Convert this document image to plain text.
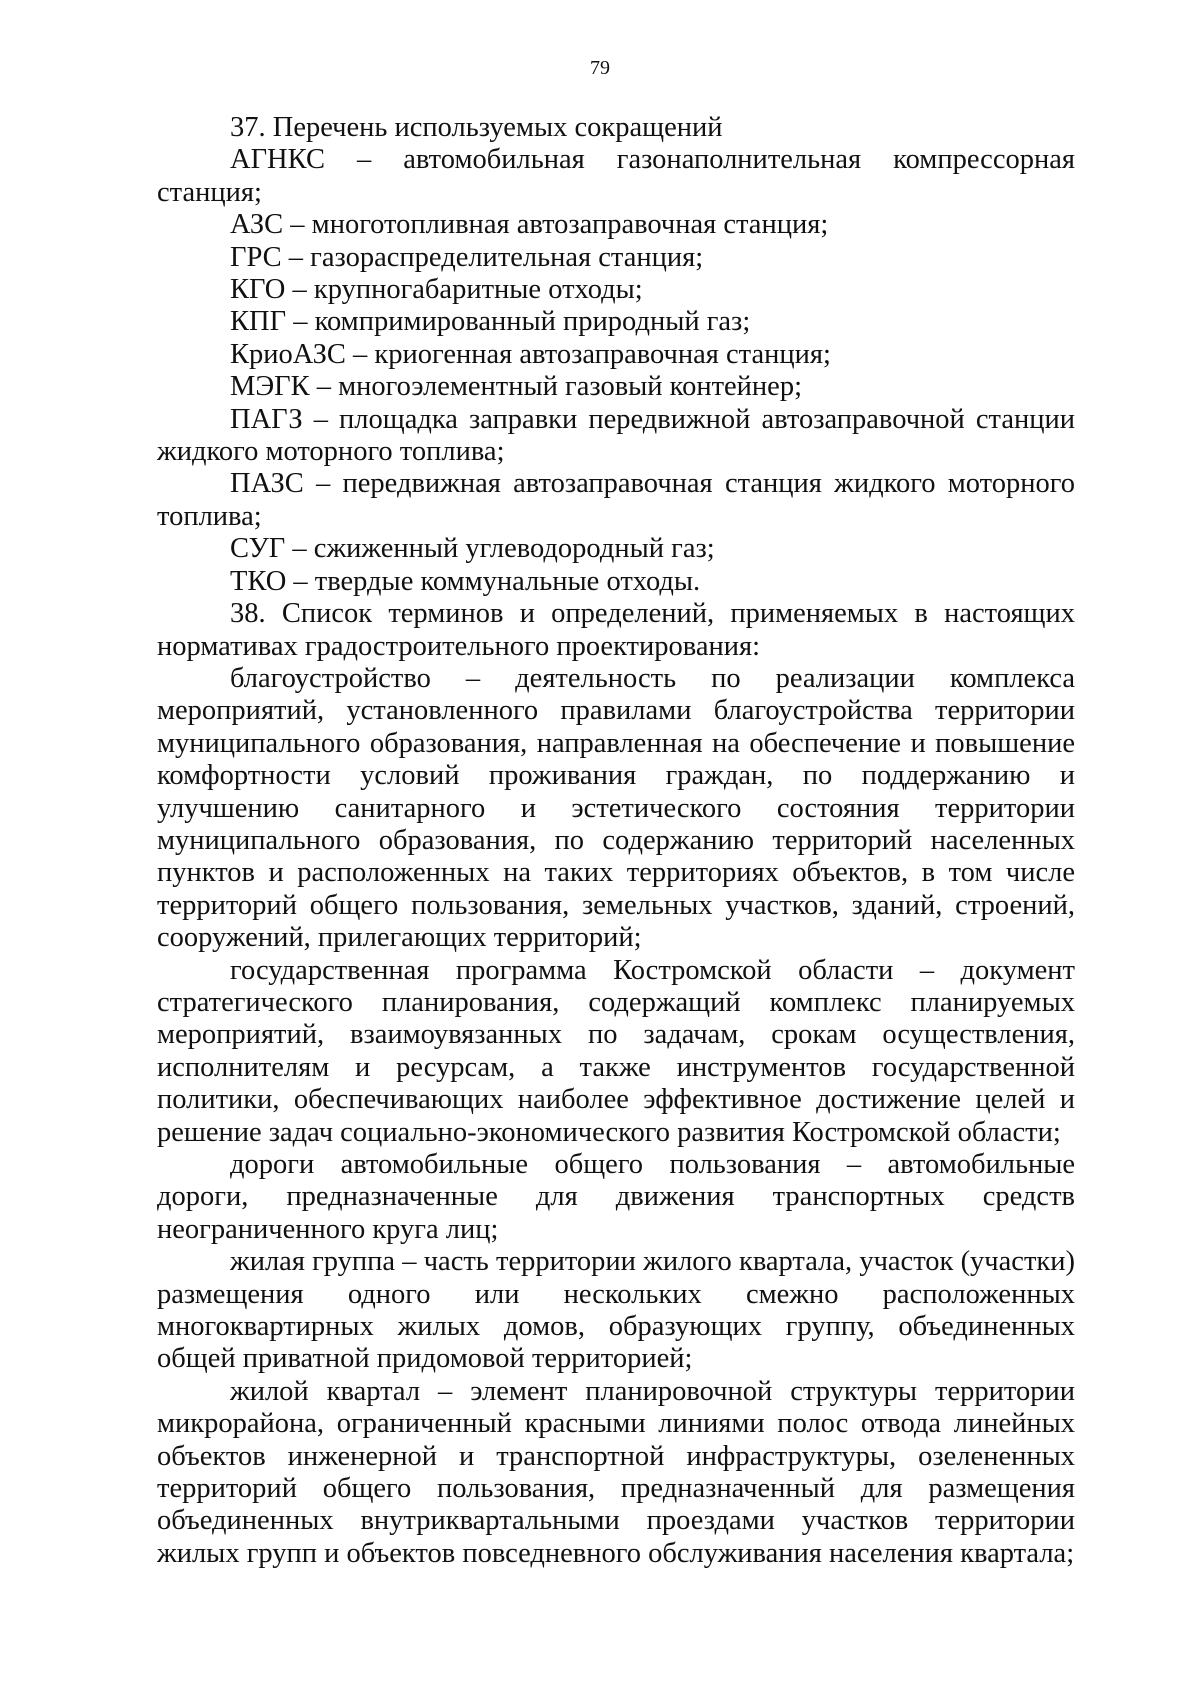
79

37. Перечень используемых сокращений

АГНКС – автомобильная газонаполнительная компрессорная станция;

АЗС – многотопливная автозаправочная станция;

ГРС – газораспределительная станция;

КГО – крупногабаритные отходы;

КПГ – компримированный природный газ;

КриоАЗС – криогенная автозаправочная станция;

МЭГК – многоэлементный газовый контейнер;

ПАГЗ – площадка заправки передвижной автозаправочной станции жидкого моторного топлива;

ПАЗС – передвижная автозаправочная станция жидкого моторного топлива;

СУГ – сжиженный углеводородный газ;

ТКО – твердые коммунальные отходы.

38. Список терминов и определений, применяемых в настоящих нормативах градостроительного проектирования:

благоустройство – деятельность по реализации комплекса мероприятий, установленного правилами благоустройства территории муниципального образования, направленная на обеспечение и повышение комфортности условий проживания граждан, по поддержанию и улучшению санитарного и эстетического состояния территории муниципального образования, по содержанию территорий населенных пунктов и расположенных на таких территориях объектов, в том числе территорий общего пользования, земельных участков, зданий, строений, сооружений, прилегающих территорий;

государственная программа Костромской области – документ стратегического планирования, содержащий комплекс планируемых мероприятий, взаимоувязанных по задачам, срокам осуществления, исполнителям и ресурсам, а также инструментов государственной политики, обеспечивающих наиболее эффективное достижение целей и решение задач социально-экономического развития Костромской области;

дороги автомобильные общего пользования – автомобильные дороги, предназначенные для движения транспортных средств неограниченного круга лиц;

жилая группа – часть территории жилого квартала, участок (участки) размещения одного или нескольких смежно расположенных многоквартирных жилых домов, образующих группу, объединенных общей приватной придомовой территорией;

жилой квартал – элемент планировочной структуры территории микрорайона, ограниченный красными линиями полос отвода линейных объектов инженерной и транспортной инфраструктуры, озелененных территорий общего пользования, предназначенный для размещения объединенных внутриквартальными проездами участков территории жилых групп и объектов повседневного обслуживания населения квартала;
